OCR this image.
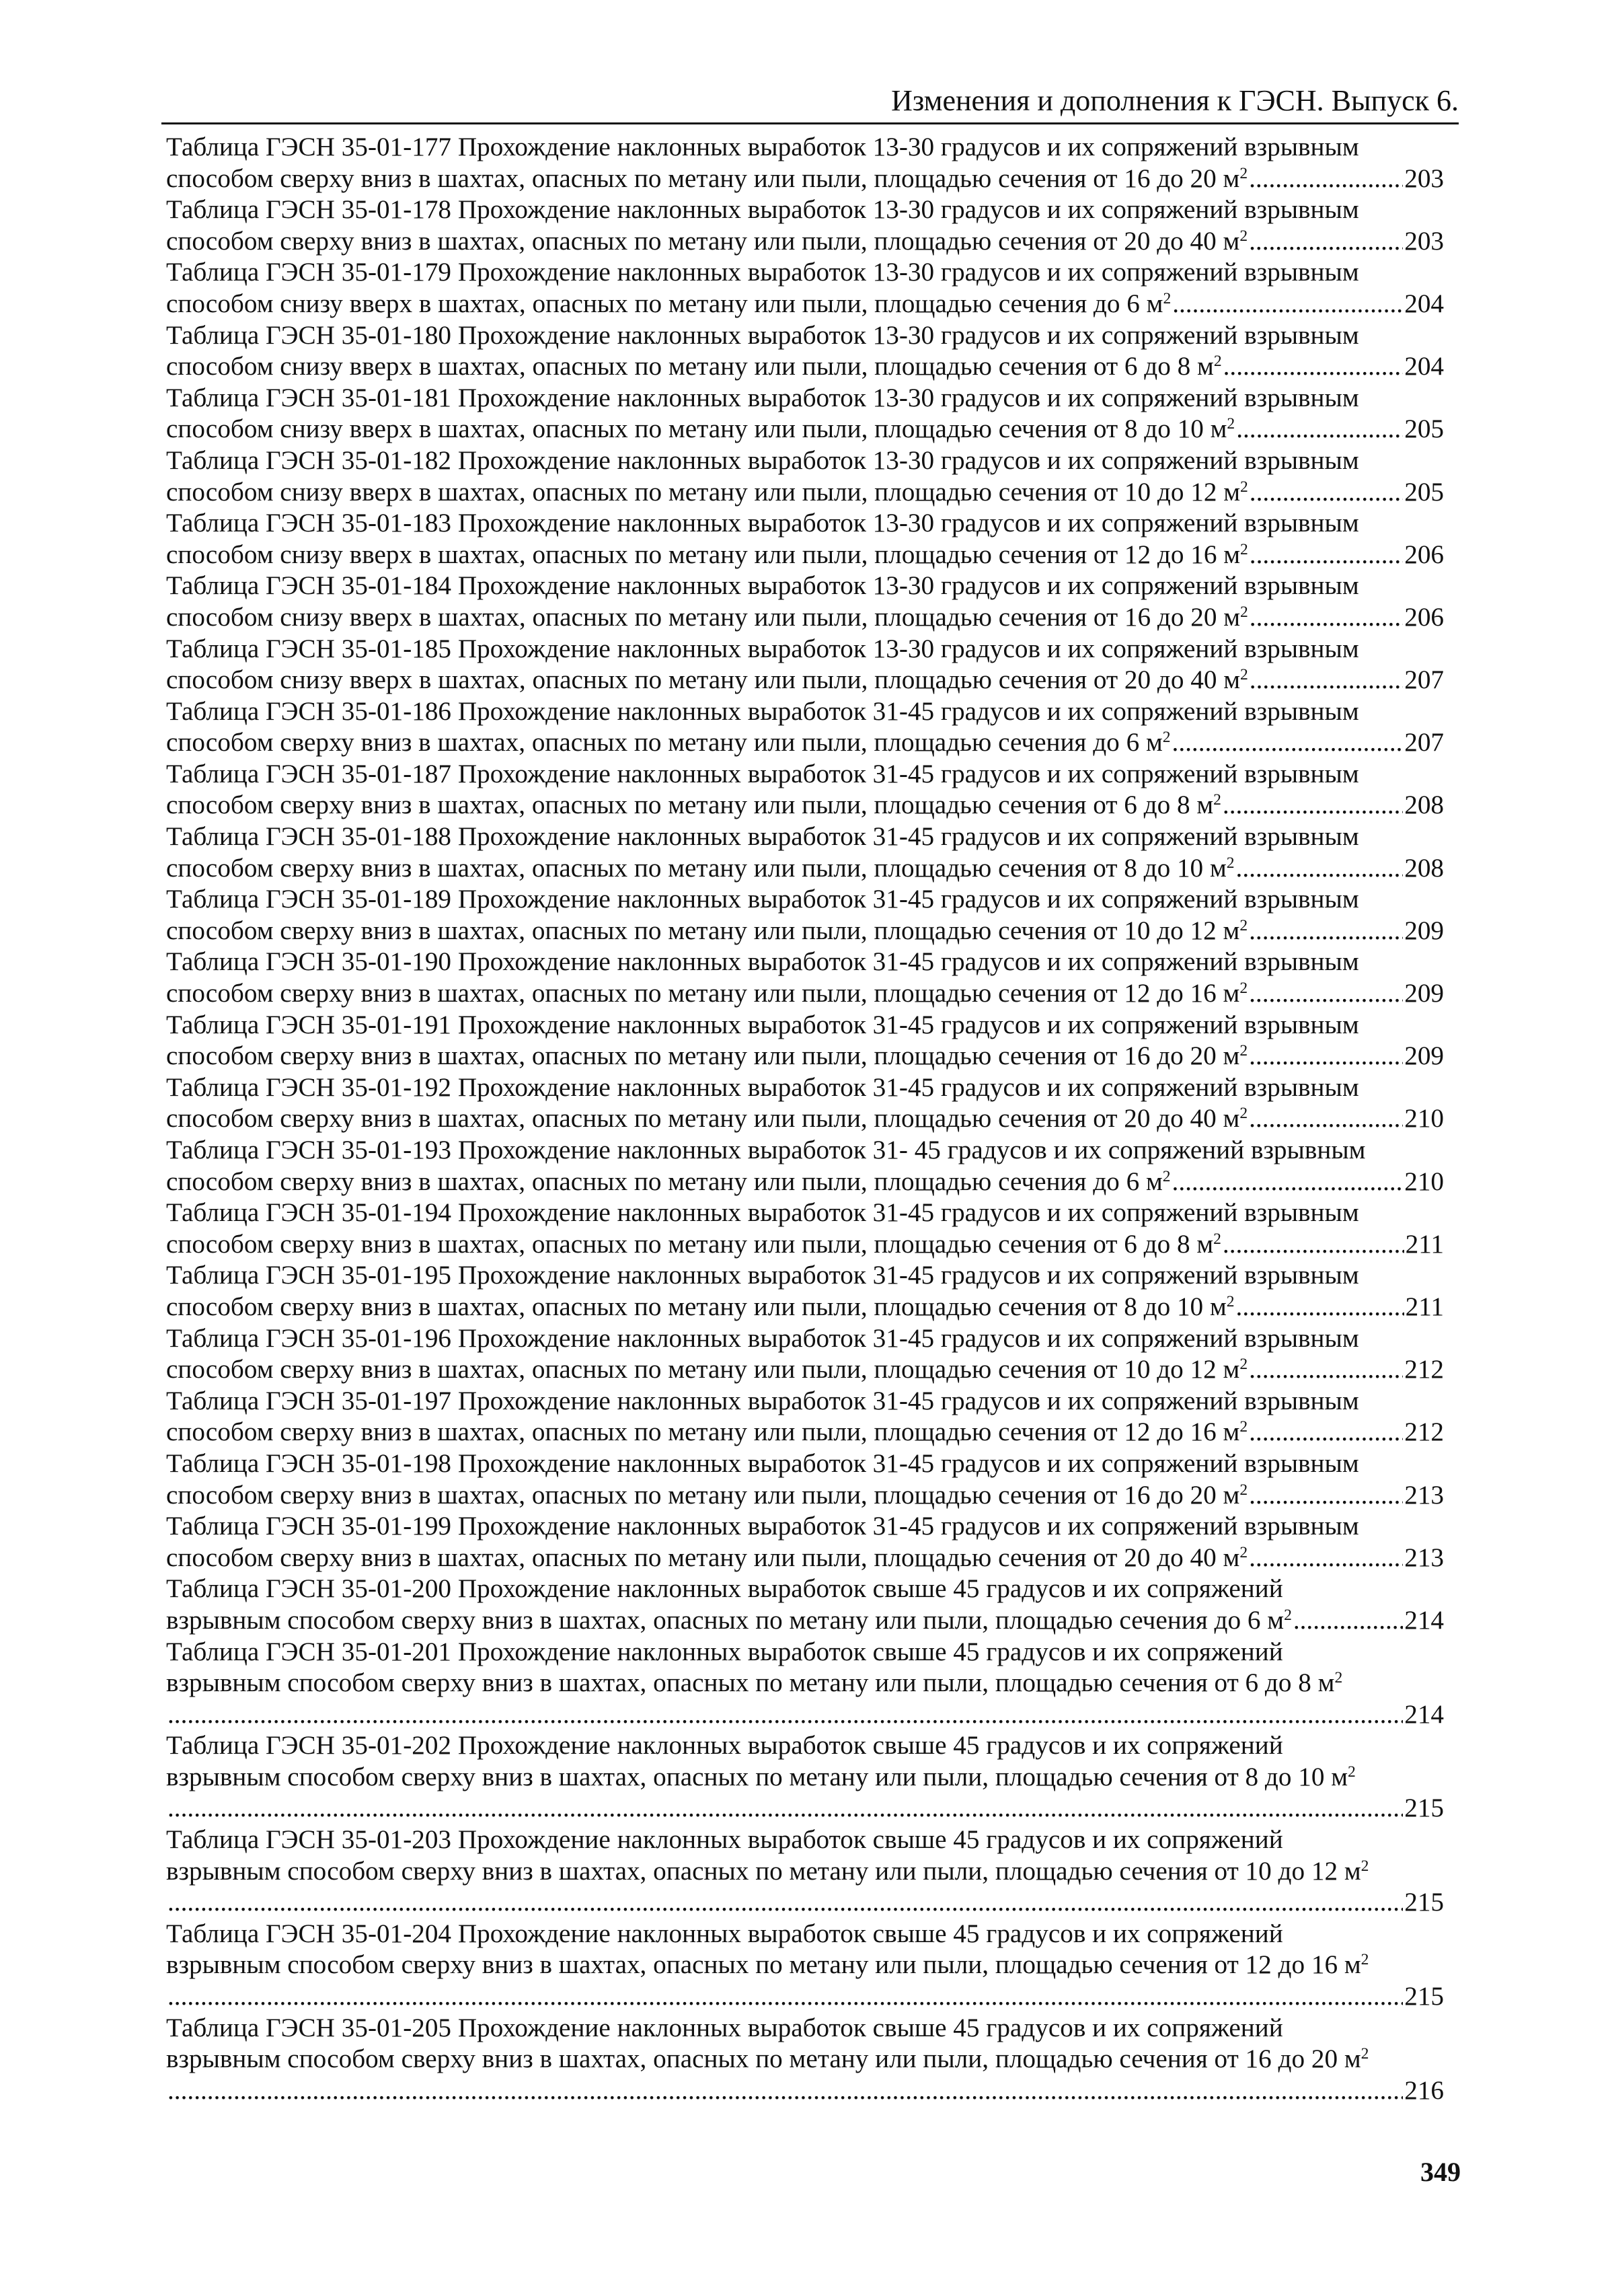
Изменения и дополнения к ГЭСН. Выпуск 6.
Таблица ГЭСН 35-01-177 Прохождение наклонных выработок 13-30 градусов и их сопряжений взрывным
способом сверху вниз в шахтах, опасных по метану или пыли, площадью сечения от 16 до 20 $м^2$ .....	203
Таблица ГЭСН 35-01-178 Прохождение наклонных выработок 13-30 градусов и их сопряжений взрывным
способом сверху вниз в шахтах, опасных по метану или пыли, площадью сечения от 20 до 40 $м^2$ .....	203
Таблица ГЭСН 35-01-179 Прохождение наклонных выработок 13-30 градусов и их сопряжений взрывным
способом снизу вверх в шахтах, опасных по метану или пыли, площадью сечения до 6 $м^2$ .....	204
Таблица ГЭСН 35-01-180 Прохождение наклонных выработок 13-30 градусов и их сопряжений взрывным
способом снизу вверх в шахтах, опасных по метану или пыли, площадью сечения от 6 до 8 $м^2$ .....	204
Таблица ГЭСН 35-01-181 Прохождение наклонных выработок 13-30 градусов и их сопряжений взрывным
способом снизу вверх в шахтах, опасных по метану или пыли, площадью сечения от 8 до 10 $м^2$ .....	205
Таблица ГЭСН 35-01-182 Прохождение наклонных выработок 13-30 градусов и их сопряжений взрывным
способом снизу вверх в шахтах, опасных по метану или пыли, площадью сечения от 10 до 12 $м^2$ .....	205
Таблица ГЭСН 35-01-183 Прохождение наклонных выработок 13-30 градусов и их сопряжений взрывным
способом снизу вверх в шахтах, опасных по метану или пыли, площадью сечения от 12 до 16 $м^2$ .....	206
Таблица ГЭСН 35-01-184 Прохождение наклонных выработок 13-30 градусов и их сопряжений взрывным
способом снизу вверх в шахтах, опасных по метану или пыли, площадью сечения от 16 до 20 $м^2$ .....	206
Таблица ГЭСН 35-01-185 Прохождение наклонных выработок 13-30 градусов и их сопряжений взрывным
способом снизу вверх в шахтах, опасных по метану или пыли, площадью сечения от 20 до 40 $м^2$ .....	207
Таблица ГЭСН 35-01-186 Прохождение наклонных выработок 31-45 градусов и их сопряжений взрывным
способом сверху вниз в шахтах, опасных по метану или пыли, площадью сечения до 6 $м^2$ .....	207
Таблица ГЭСН 35-01-187 Прохождение наклонных выработок 31-45 градусов и их сопряжений взрывным
способом сверху вниз в шахтах, опасных по метану или пыли, площадью сечения от 6 до 8 $м^2$ .....	208
Таблица ГЭСН 35-01-188 Прохождение наклонных выработок 31-45 градусов и их сопряжений взрывным
способом сверху вниз в шахтах, опасных по метану или пыли, площадью сечения от 8 до 10 $м^2$ .....	208
Таблица ГЭСН 35-01-189 Прохождение наклонных выработок 31-45 градусов и их сопряжений взрывным
способом сверху вниз в шахтах, опасных по метану или пыли, площадью сечения от 10 до 12 $м^2$ .....	209
Таблица ГЭСН 35-01-190 Прохождение наклонных выработок 31-45 градусов и их сопряжений взрывным
способом сверху вниз в шахтах, опасных по метану или пыли, площадью сечения от 12 до 16 $м^2$ .....	209
Таблица ГЭСН 35-01-191 Прохождение наклонных выработок 31-45 градусов и их сопряжений взрывным
способом сверху вниз в шахтах, опасных по метану или пыли, площадью сечения от 16 до 20 $м^2$ .....	209
Таблица ГЭСН 35-01-192 Прохождение наклонных выработок 31-45 градусов и их сопряжений взрывным
способом сверху вниз в шахтах, опасных по метану или пыли, площадью сечения от 20 до 40 $м^2$ .....	210
Таблица ГЭСН 35-01-193 Прохождение наклонных выработок 31- 45 градусов и их сопряжений взрывным
способом сверху вниз в шахтах, опасных по метану или пыли, площадью сечения до 6 $м^2$ .....	210
Таблица ГЭСН 35-01-194 Прохождение наклонных выработок 31-45 градусов и их сопряжений взрывным
способом сверху вниз в шахтах, опасных по метану или пыли, площадью сечения от 6 до 8 $м^2$ .....	211
Таблица ГЭСН 35-01-195 Прохождение наклонных выработок 31-45 градусов и их сопряжений взрывным
способом сверху вниз в шахтах, опасных по метану или пыли, площадью сечения от 8 до 10 $м^2$ .....	211
Таблица ГЭСН 35-01-196 Прохождение наклонных выработок 31-45 градусов и их сопряжений взрывным
способом сверху вниз в шахтах, опасных по метану или пыли, площадью сечения от 10 до 12 $м^2$ .....	212
Таблица ГЭСН 35-01-197 Прохождение наклонных выработок 31-45 градусов и их сопряжений взрывным
способом сверху вниз в шахтах, опасных по метану или пыли, площадью сечения от 12 до 16 $м^2$ .....	212
Таблица ГЭСН 35-01-198 Прохождение наклонных выработок 31-45 градусов и их сопряжений взрывным
способом сверху вниз в шахтах, опасных по метану или пыли, площадью сечения от 16 до 20 $м^2$ .....	213
Таблица ГЭСН 35-01-199 Прохождение наклонных выработок 31-45 градусов и их сопряжений взрывным
способом сверху вниз в шахтах, опасных по метану или пыли, площадью сечения от 20 до 40 $м^2$ .....	213
Таблица ГЭСН 35-01-200 Прохождение наклонных выработок свыше 45 градусов и их сопряжений
взрывным способом сверху вниз в шахтах, опасных по метану или пыли, площадью сечения до 6 $м^2$ .....	214
Таблица ГЭСН 35-01-201 Прохождение наклонных выработок свыше 45 градусов и их сопряжений
взрывным способом сверху вниз в шахтах, опасных по метану или пыли, площадью сечения от 6 до 8 $м^2$
.....
214
Таблица ГЭСН 35-01-202 Прохождение наклонных выработок свыше 45 градусов и их сопряжений
взрывным способом сверху вниз в шахтах, опасных по метану или пыли, площадью сечения от 8 до 10 $м^2$
.....
215
Таблица ГЭСН 35-01-203 Прохождение наклонных выработок свыше 45 градусов и их сопряжений
взрывным способом сверху вниз в шахтах, опасных по метану или пыли, площадью сечения от 10 до 12 $м^2$
.....
215
Таблица ГЭСН 35-01-204 Прохождение наклонных выработок свыше 45 градусов и их сопряжений
взрывным способом сверху вниз в шахтах, опасных по метану или пыли, площадью сечения от 12 до 16 $м^2$
.....
215
Таблица ГЭСН 35-01-205 Прохождение наклонных выработок свыше 45 градусов и их сопряжений
взрывным способом сверху вниз в шахтах, опасных по метану или пыли, площадью сечения от 16 до 20 $м^2$
.....
216
349
